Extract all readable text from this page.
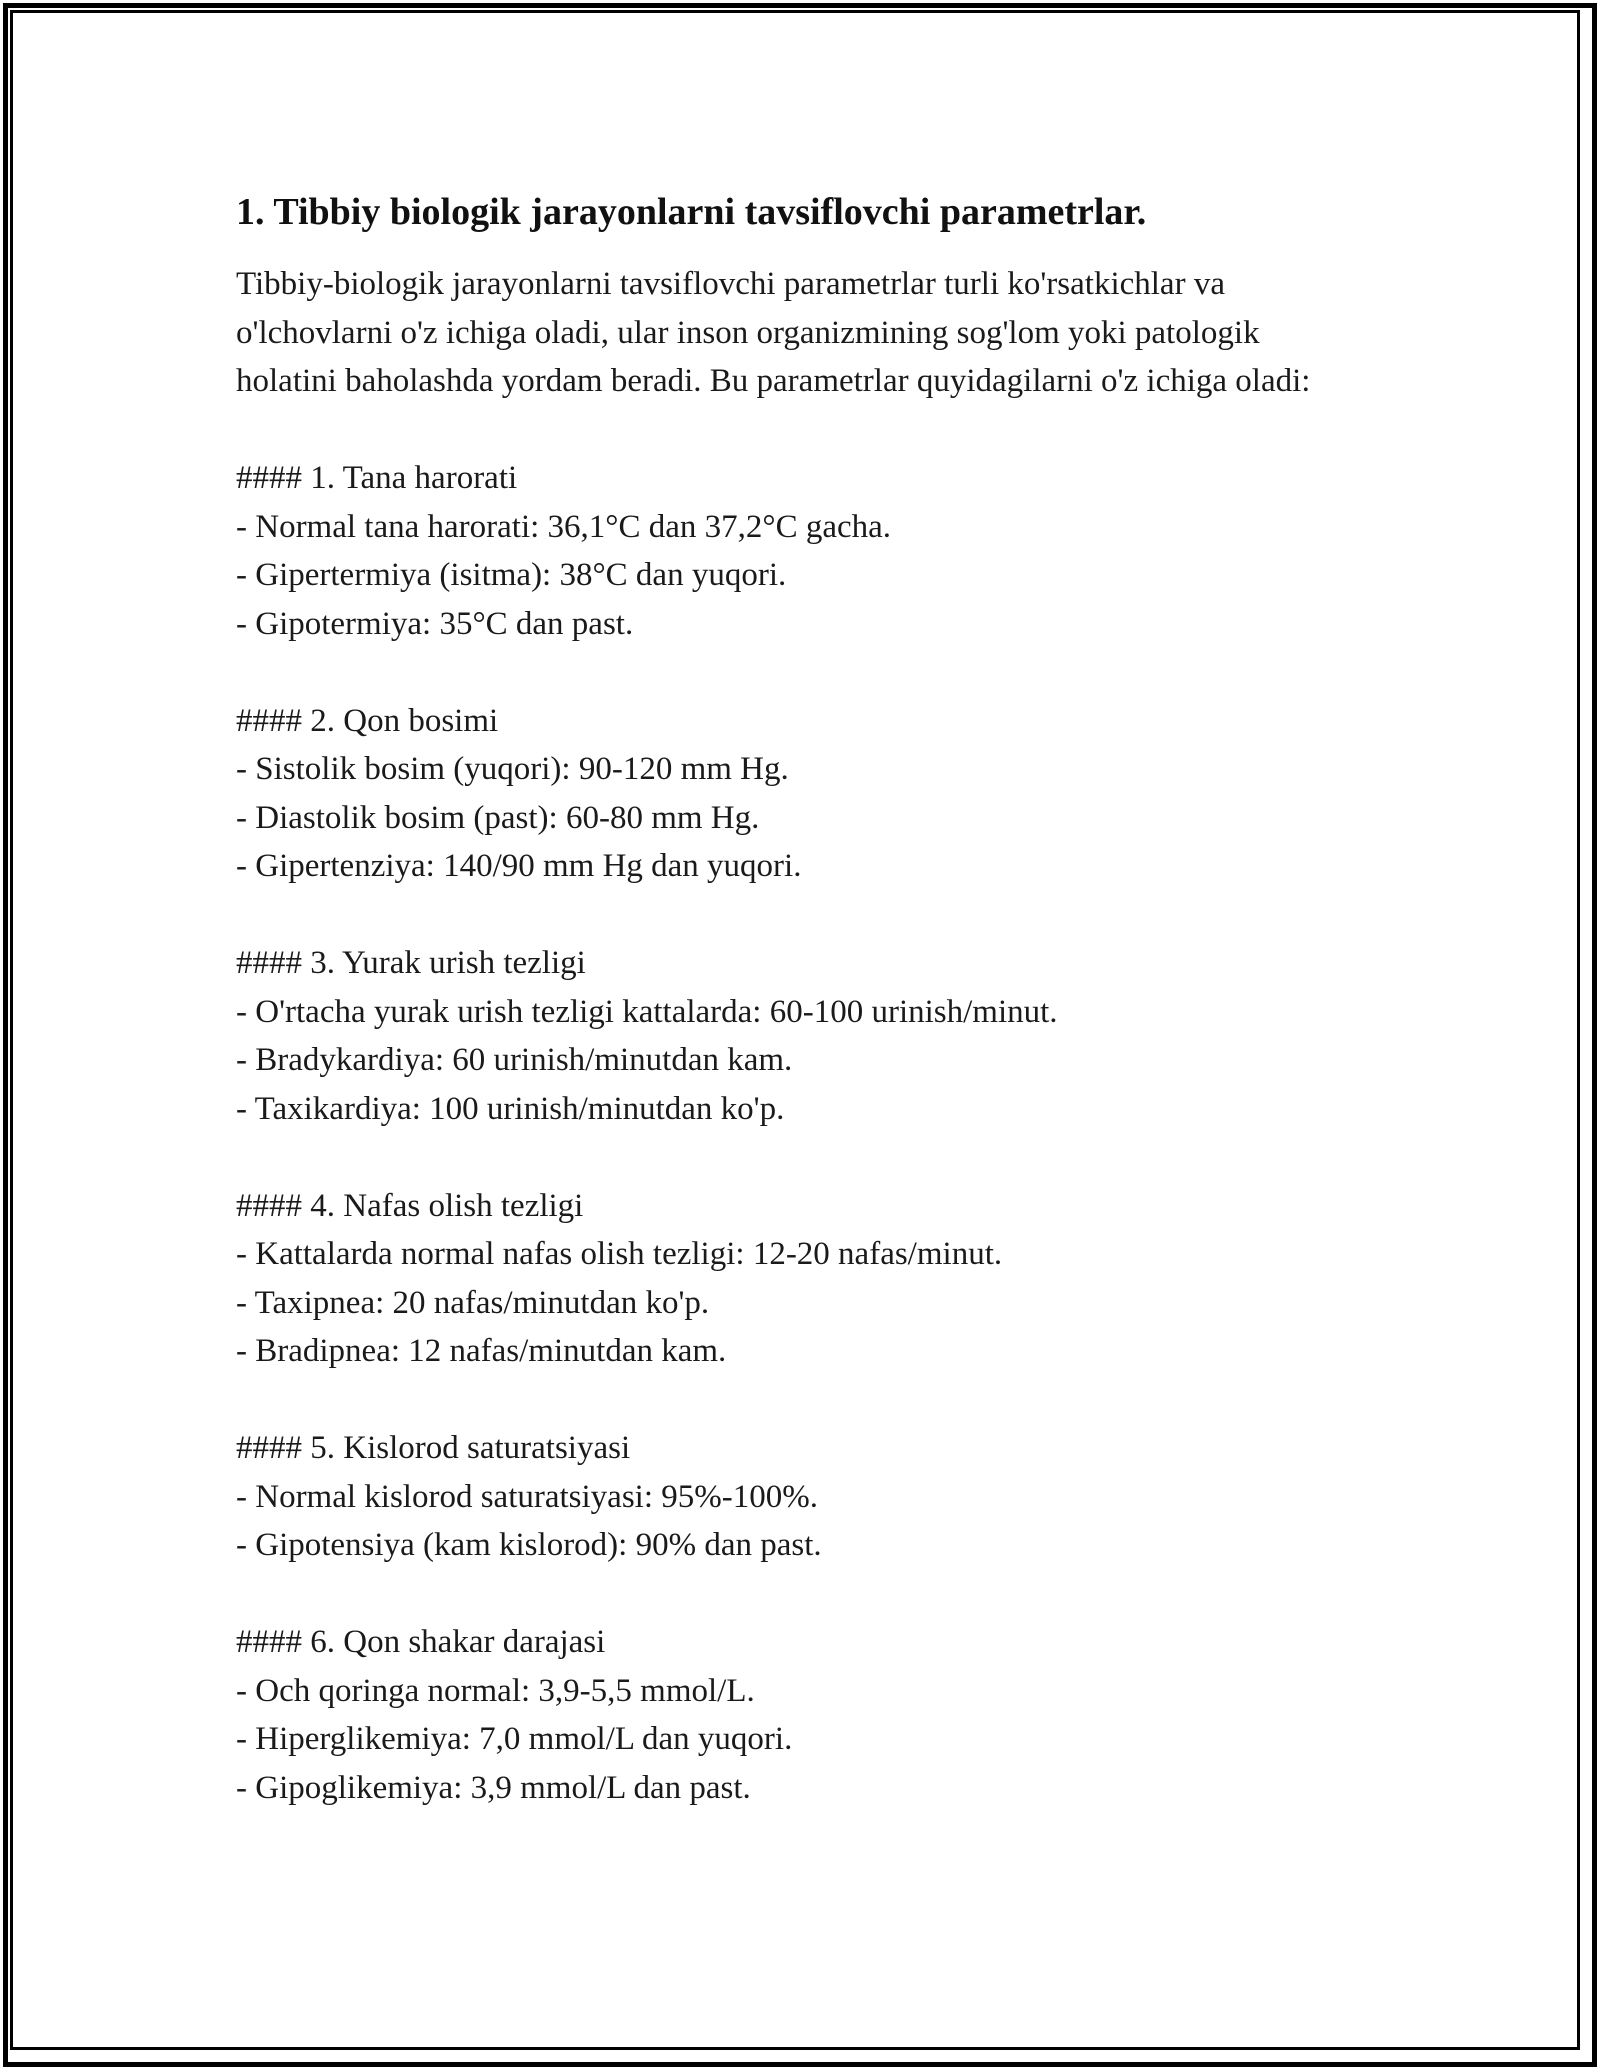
1. Tibbiy biologik jarayonlarni tavsiflovchi parametrlar.

Tibbiy-biologik jarayonlarni tavsiflovchi parametrlar turli ko'rsatkichlar va o'lchovlarni o'z ichiga oladi, ular inson organizmining sog'lom yoki patologik holatini baholashda yordam beradi. Bu parametrlar quyidagilarni o'z ichiga oladi:

#### 1. Tana harorati

- Normal tana harorati: 36,1°C dan 37,2°C gacha.

- Gipertermiya (isitma): 38°C dan yuqori.

- Gipotermiya: 35°C dan past.

#### 2. Qon bosimi

- Sistolik bosim (yuqori): 90-120 mm Hg.

- Diastolik bosim (past): 60-80 mm Hg.

- Gipertenziya: 140/90 mm Hg dan yuqori.

#### 3. Yurak urish tezligi

- O'rtacha yurak urish tezligi kattalarda: 60-100 urinish/minut.

- Bradykardiya: 60 urinish/minutdan kam.

- Taxikardiya: 100 urinish/minutdan ko'p.

#### 4. Nafas olish tezligi

- Kattalarda normal nafas olish tezligi: 12-20 nafas/minut.

- Taxipnea: 20 nafas/minutdan ko'p.

- Bradipnea: 12 nafas/minutdan kam.

#### 5. Kislorod saturatsiyasi

- Normal kislorod saturatsiyasi: 95%-100%.

- Gipotensiya (kam kislorod): 90% dan past.

#### 6. Qon shakar darajasi

- Och qoringa normal: 3,9-5,5 mmol/L.

- Hiperglikemiya: 7,0 mmol/L dan yuqori.

- Gipoglikemiya: 3,9 mmol/L dan past.
